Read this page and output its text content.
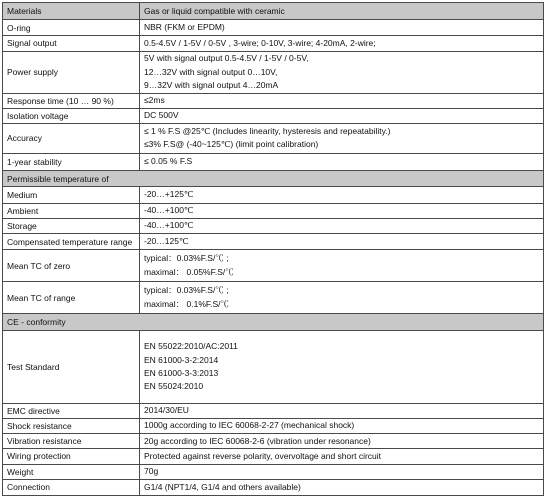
Materials	Gas or liquid compatible with ceramic
O-ring	NBR (FKM or EPDM)

Signal output	0.5-4.5V / 1-5V / 0-5V , 3-wire; 0-10V, 3-wire; 4-20mA, 2-wire;

Power supply	5V with signal output 0.5-4.5V / 1-5V / 0-5V,
12…32V with signal output 0…10V,
9…32V with signal output 4…20mA

Response time (10 … 90 %)	≤2ms

Isolation voltage	DC 500V

Accuracy	≤ 1 % F.S @25℃ (Includes linearity, hysteresis and repeatability.)
≤3% F.S@ (-40~125℃) (limit point calibration)

1-year stability	≤ 0.05 % F.S

Permissible temperature of	
Medium	-20…+125℃

Ambient	-40…+100℃

Storage	-40…+100℃

Compensated temperature range	-20…125℃

Mean TC of zero	typical：0.03%F.S/℃ ;
maximal： 0.05%F.S/℃

Mean TC of range	typical：0.03%F.S/℃ ;
maximal： 0.1%F.S/℃

CE - conformity	
Test Standard	EN 55022:2010/AC:2011
EN 61000-3-2:2014
EN 61000-3-3:2013
EN 55024:2010

EMC directive	2014/30/EU

Shock resistance	1000g according to IEC 60068-2-27 (mechanical shock)

Vibration resistance	20g according to IEC 60068-2-6 (vibration under resonance)

Wiring protection	Protected against reverse polarity, overvoltage and short circuit

Weight	70g

Connection	G1/4 (NPT1/4, G1/4 and others available)
